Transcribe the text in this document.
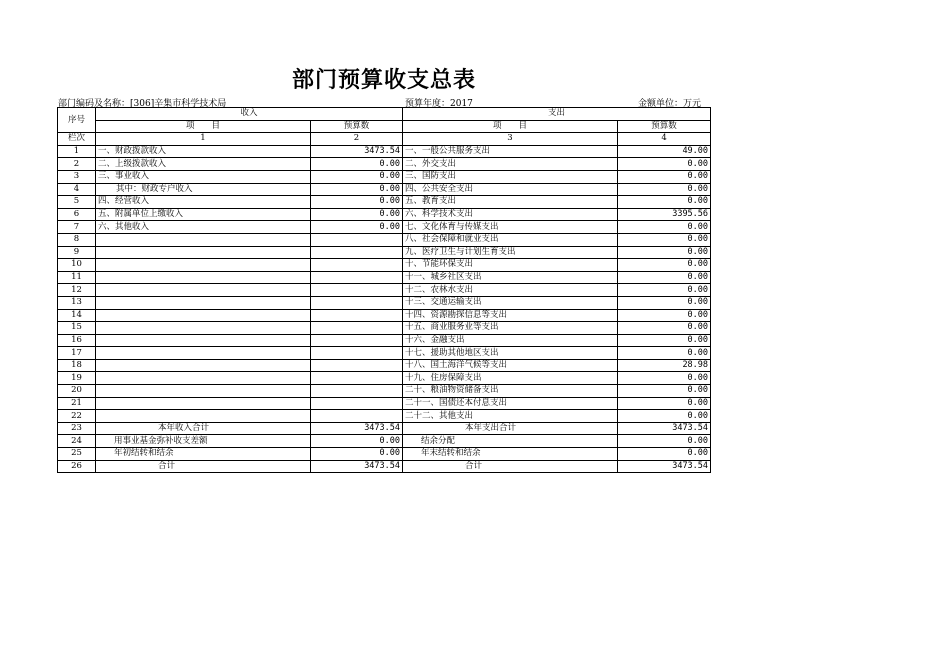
部门预算收支总表
部门编码及名称：[306]辛集市科学技术局	预算年度：2017	金额单位：万元
序号	收入		支出	
	项　　目	预算数	项　　目	预算数
栏次	1	2	3	4
1	一、财政拨款收入	3473.54	一、一般公共服务支出	49.00
2	二、上级拨款收入	0.00	二、外交支出	0.00
3	三、事业收入	0.00	三、国防支出	0.00
4	其中：财政专户收入	0.00	四、公共安全支出	0.00
5	四、经营收入	0.00	五、教育支出	0.00
6	五、附属单位上缴收入	0.00	六、科学技术支出	3395.56
7	六、其他收入	0.00	七、文化体育与传媒支出	0.00
8			八、社会保障和就业支出	0.00
9			九、医疗卫生与计划生育支出	0.00
10			十、节能环保支出	0.00
11			十一、城乡社区支出	0.00
12			十二、农林水支出	0.00
13			十三、交通运输支出	0.00
14			十四、资源勘探信息等支出	0.00
15			十五、商业服务业等支出	0.00
16			十六、金融支出	0.00
17			十七、援助其他地区支出	0.00
18			十八、国土海洋气候等支出	28.98
19			十九、住房保障支出	0.00
20			二十、粮油物资储备支出	0.00
21			二十一、国债还本付息支出	0.00
22			二十二、其他支出	0.00
23	本年收入合计	3473.54	本年支出合计	3473.54
24	用事业基金弥补收支差额	0.00	结余分配	0.00
25	年初结转和结余	0.00	年末结转和结余	0.00
26	合计	3473.54	合计	3473.54
